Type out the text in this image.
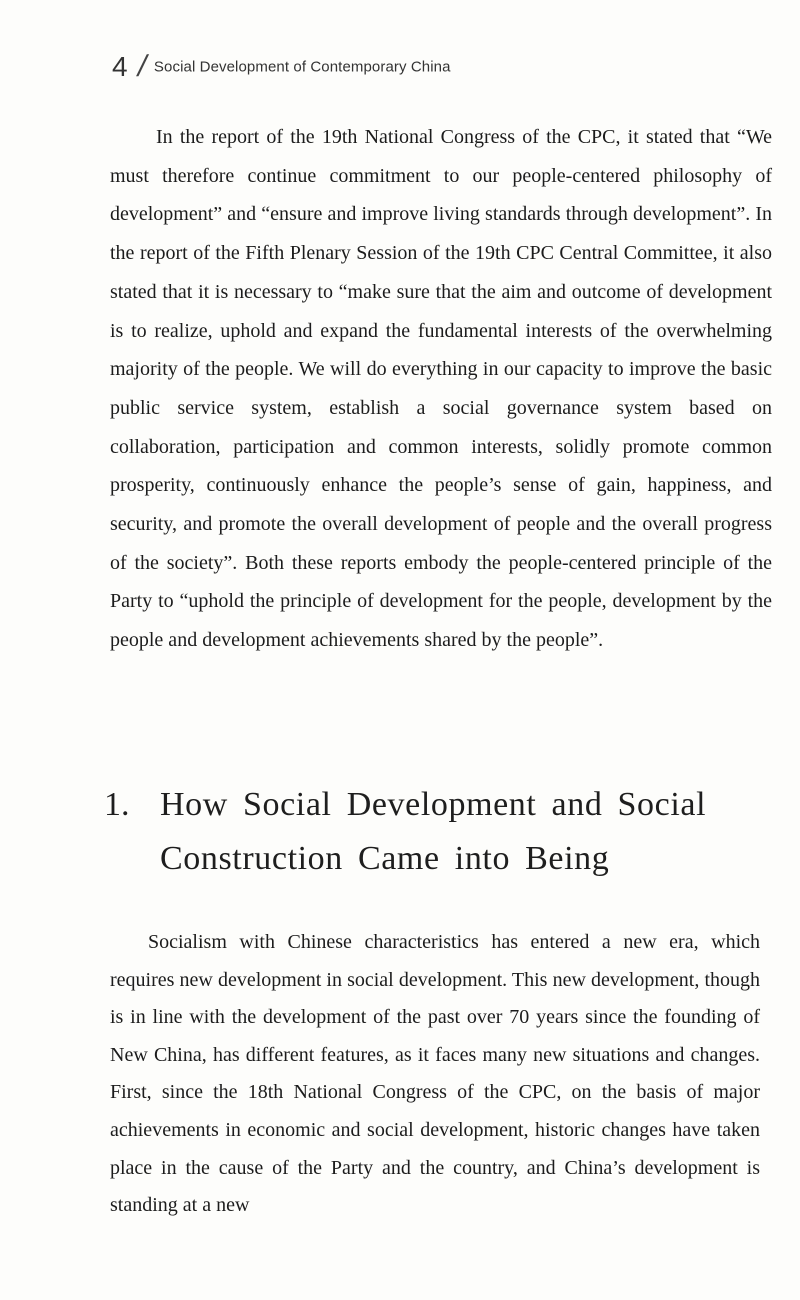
4 / Social Development of Contemporary China

In the report of the 19th National Congress of the CPC, it stated that “We must therefore continue commitment to our people-centered philosophy of development” and “ensure and improve living standards through development”. In the report of the Fifth Plenary Session of the 19th CPC Central Committee, it also stated that it is necessary to “make sure that the aim and outcome of development is to realize, uphold and expand the fundamental interests of the overwhelming majority of the people. We will do everything in our capacity to improve the basic public service system, establish a social governance system based on collaboration, participation and common interests, solidly promote common prosperity, continuously enhance the people’s sense of gain, happiness, and security, and promote the overall development of people and the overall progress of the society”. Both these reports embody the people-centered principle of the Party to “uphold the principle of development for the people, development by the people and development achievements shared by the people”.

1. How Social Development and Social Construction Came into Being

Socialism with Chinese characteristics has entered a new era, which requires new development in social development. This new development, though is in line with the development of the past over 70 years since the founding of New China, has different features, as it faces many new situations and changes. First, since the 18th National Congress of the CPC, on the basis of major achievements in economic and social development, historic changes have taken place in the cause of the Party and the country, and China’s development is standing at a new
